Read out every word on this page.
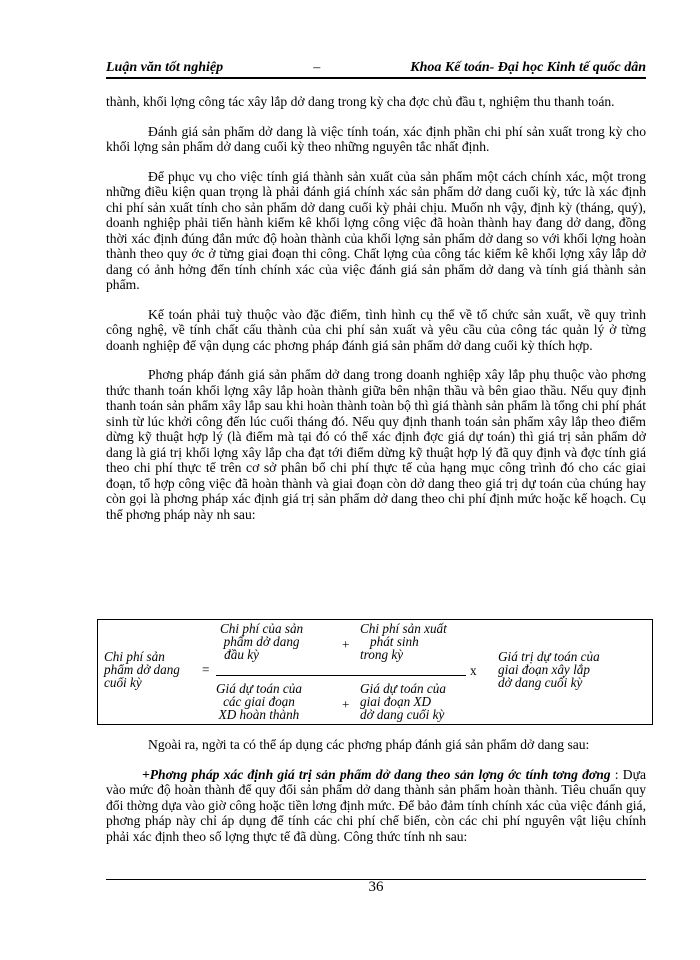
Luận văn tốt nghiệp	–	Khoa Kế toán- Đại học Kinh tế quốc dân

thành, khối lợng công tác xây lắp dở dang trong kỳ cha đợc chủ đầu t, nghiệm thu thanh toán.

Đánh giá sản phẩm dở dang là việc tính toán, xác định phần chi phí sản xuất trong kỳ cho khối lợng sản phẩm dở dang cuối kỳ theo những nguyên tắc nhất định.

Để phục vụ cho việc tính giá thành sản xuất của sản phẩm một cách chính xác, một trong những điều kiện quan trọng là phải đánh giá chính xác sản phẩm dở dang cuối kỳ, tức là xác định chi phí sản xuất tính cho sản phẩm dở dang cuối kỳ phải chịu. Muốn nh vậy, định kỳ (tháng, quý), doanh nghiệp phải tiến hành kiểm kê khối lợng công việc đã hoàn thành hay đang dở dang, đồng thời xác định đúng đắn mức độ hoàn thành của khối lợng sản phẩm dở dang so với khối lợng hoàn thành theo quy ớc ở từng giai đoạn thi công. Chất lợng của công tác kiểm kê khối lợng xây lắp dở dang có ảnh hởng đến tính chính xác của việc đánh giá sản phẩm dở dang và tính giá thành sản phẩm.

Kế toán phải tuỳ thuộc vào đặc điểm, tình hình cụ thể về tổ chức sản xuất, về quy trình công nghệ, về tính chất cấu thành của chi phí sản xuất và yêu cầu của công tác quản lý ở từng doanh nghiệp để vận dụng các phơng pháp đánh giá sản phẩm dở dang cuối kỳ thích hợp.

Phơng pháp đánh giá sản phẩm dở dang trong doanh nghiệp xây lắp phụ thuộc vào phơng thức thanh toán khối lợng xây lắp hoàn thành giữa bên nhận thầu và bên giao thầu. Nếu quy định thanh toán sản phẩm xây lắp sau khi hoàn thành toàn bộ thì giá thành sản phẩm là tổng chi phí phát sinh từ lúc khởi công đến lúc cuối tháng đó. Nếu quy định thanh toán sản phẩm xây lắp theo điểm dừng kỹ thuật hợp lý (là điểm mà tại đó có thể xác định đợc giá dự toán) thì giá trị sản phẩm dở dang là giá trị khối lợng xây lắp cha đạt tới điểm dừng kỹ thuật hợp lý đã quy định và đợc tính giá theo chi phí thực tế trên cơ sở phân bổ chi phí thực tế của hạng mục công trình đó cho các giai đoạn, tổ hợp công việc đã hoàn thành và giai đoạn còn dở dang theo giá trị dự toán của chúng hay còn gọi là phơng pháp xác định giá trị sản phẩm dở dang theo chi phí định mức hoặc kế hoạch. Cụ thể phơng pháp này nh sau:

Chi phí sản
phẩm dở dang
cuối kỳ
=
Chi phí của sản
phẩm dở dang
đầu kỳ
+
Chi phí sản xuất
phát sinh
trong kỳ
x
Giá dự toán của
các giai đoạn
XD hoàn thành
+
Giá dự toán của
giai đoạn XD
dở dang cuối kỳ
Giá trị dự toán của
giai đoạn xây lắp
dở dang cuối kỳ

Ngoài ra, ngời ta có thể áp dụng các phơng pháp đánh giá sản phẩm dở dang sau:

+Phơng pháp xác định giá trị sản phẩm dở dang theo sản lợng ớc tính tơng đơng : Dựa vào mức độ hoàn thành để quy đổi sản phẩm dở dang thành sản phẩm hoàn thành. Tiêu chuẩn quy đổi thờng dựa vào giờ công hoặc tiền lơng định mức. Để bảo đảm tính chính xác của việc đánh giá, phơng pháp này chỉ áp dụng để tính các chi phí chế biến, còn các chi phí nguyên vật liệu chính phải xác định theo số lợng thực tế đã dùng. Công thức tính nh sau:

36
